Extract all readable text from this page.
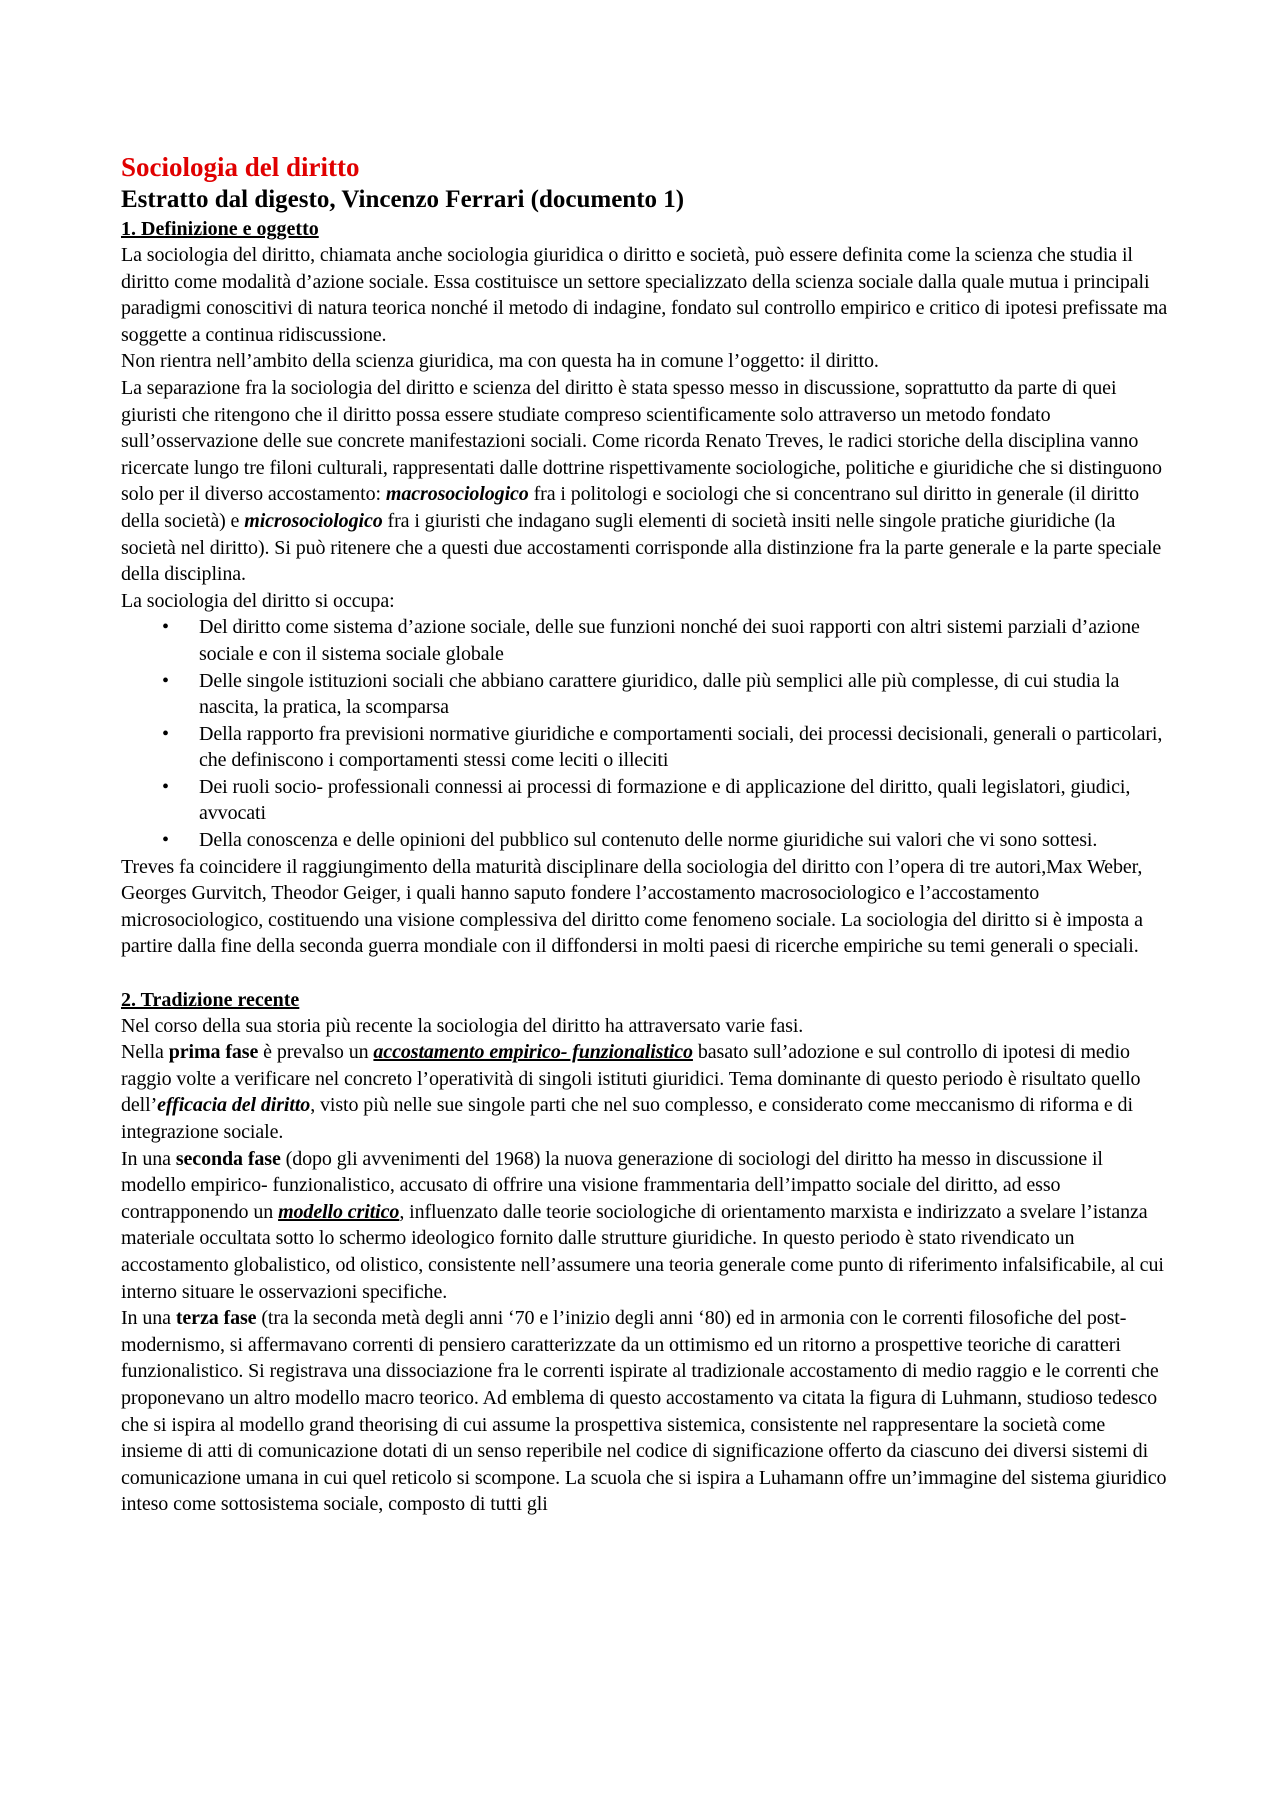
Sociologia del diritto
Estratto dal digesto, Vincenzo Ferrari (documento 1)
1. Definizione e oggetto

La sociologia del diritto, chiamata anche sociologia giuridica o diritto e società, può essere definita come la scienza che studia il diritto come modalità d’azione sociale. Essa costituisce un settore specializzato della scienza sociale dalla quale mutua i principali paradigmi conoscitivi di natura teorica nonché il metodo di indagine, fondato sul controllo empirico e critico di ipotesi prefissate ma soggette a continua ridiscussione.

Non rientra nell’ambito della scienza giuridica, ma con questa ha in comune l’oggetto: il diritto.

La separazione fra la sociologia del diritto e scienza del diritto è stata spesso messo in discussione, soprattutto da parte di quei giuristi che ritengono che il diritto possa essere studiate compreso scientificamente solo attraverso un metodo fondato sull’osservazione delle sue concrete manifestazioni sociali. Come ricorda Renato Treves, le radici storiche della disciplina vanno ricercate lungo tre filoni culturali, rappresentati dalle dottrine rispettivamente sociologiche, politiche e giuridiche che si distinguono solo per il diverso accostamento: macrosociologico fra i politologi e sociologi che si concentrano sul diritto in generale (il diritto della società) e microsociologico fra i giuristi che indagano sugli elementi di società insiti nelle singole pratiche giuridiche (la società nel diritto). Si può ritenere che a questi due accostamenti corrisponde alla distinzione fra la parte generale e la parte speciale della disciplina.

La sociologia del diritto si occupa:

• Del diritto come sistema d’azione sociale, delle sue funzioni nonché dei suoi rapporti con altri sistemi parziali d’azione sociale e con il sistema sociale globale
• Delle singole istituzioni sociali che abbiano carattere giuridico, dalle più semplici alle più complesse, di cui studia la nascita, la pratica, la scomparsa
• Della rapporto fra previsioni normative giuridiche e comportamenti sociali, dei processi decisionali, generali o particolari, che definiscono i comportamenti stessi come leciti o illeciti
• Dei ruoli socio- professionali connessi ai processi di formazione e di applicazione del diritto, quali legislatori, giudici, avvocati
• Della conoscenza e delle opinioni del pubblico sul contenuto delle norme giuridiche sui valori che vi sono sottesi.

Treves fa coincidere il raggiungimento della maturità disciplinare della sociologia del diritto con l’opera di tre autori,Max Weber, Georges Gurvitch, Theodor Geiger, i quali hanno saputo fondere l’accostamento macrosociologico e l’accostamento microsociologico, costituendo una visione complessiva del diritto come fenomeno sociale. La sociologia del diritto si è imposta a partire dalla fine della seconda guerra mondiale con il diffondersi in molti paesi di ricerche empiriche su temi generali o speciali.

2. Tradizione recente

Nel corso della sua storia più recente la sociologia del diritto ha attraversato varie fasi.

Nella prima fase è prevalso un accostamento empirico- funzionalistico basato sull’adozione e sul controllo di ipotesi di medio raggio volte a verificare nel concreto l’operatività di singoli istituti giuridici. Tema dominante di questo periodo è risultato quello dell’efficacia del diritto, visto più nelle sue singole parti che nel suo complesso, e considerato come meccanismo di riforma e di integrazione sociale.

In una seconda fase (dopo gli avvenimenti del 1968) la nuova generazione di sociologi del diritto ha messo in discussione il modello empirico- funzionalistico, accusato di offrire una visione frammentaria dell’impatto sociale del diritto, ad esso contrapponendo un modello critico, influenzato dalle teorie sociologiche di orientamento marxista e indirizzato a svelare l’istanza materiale occultata sotto lo schermo ideologico fornito dalle strutture giuridiche. In questo periodo è stato rivendicato un accostamento globalistico, od olistico, consistente nell’assumere una teoria generale come punto di riferimento infalsificabile, al cui interno situare le osservazioni specifiche.

In una terza fase (tra la seconda metà degli anni ‘70 e l’inizio degli anni ‘80) ed in armonia con le correnti filosofiche del post-modernismo, si affermavano correnti di pensiero caratterizzate da un ottimismo ed un ritorno a prospettive teoriche di caratteri funzionalistico. Si registrava una dissociazione fra le correnti ispirate al tradizionale accostamento di medio raggio e le correnti che proponevano un altro modello macro teorico. Ad emblema di questo accostamento va citata la figura di Luhmann, studioso tedesco che si ispira al modello grand theorising di cui assume la prospettiva sistemica, consistente nel rappresentare la società come insieme di atti di comunicazione dotati di un senso reperibile nel codice di significazione offerto da ciascuno dei diversi sistemi di comunicazione umana in cui quel reticolo si scompone. La scuola che si ispira a Luhamann offre un’immagine del sistema giuridico inteso come sottosistema sociale, composto di tutti gli
